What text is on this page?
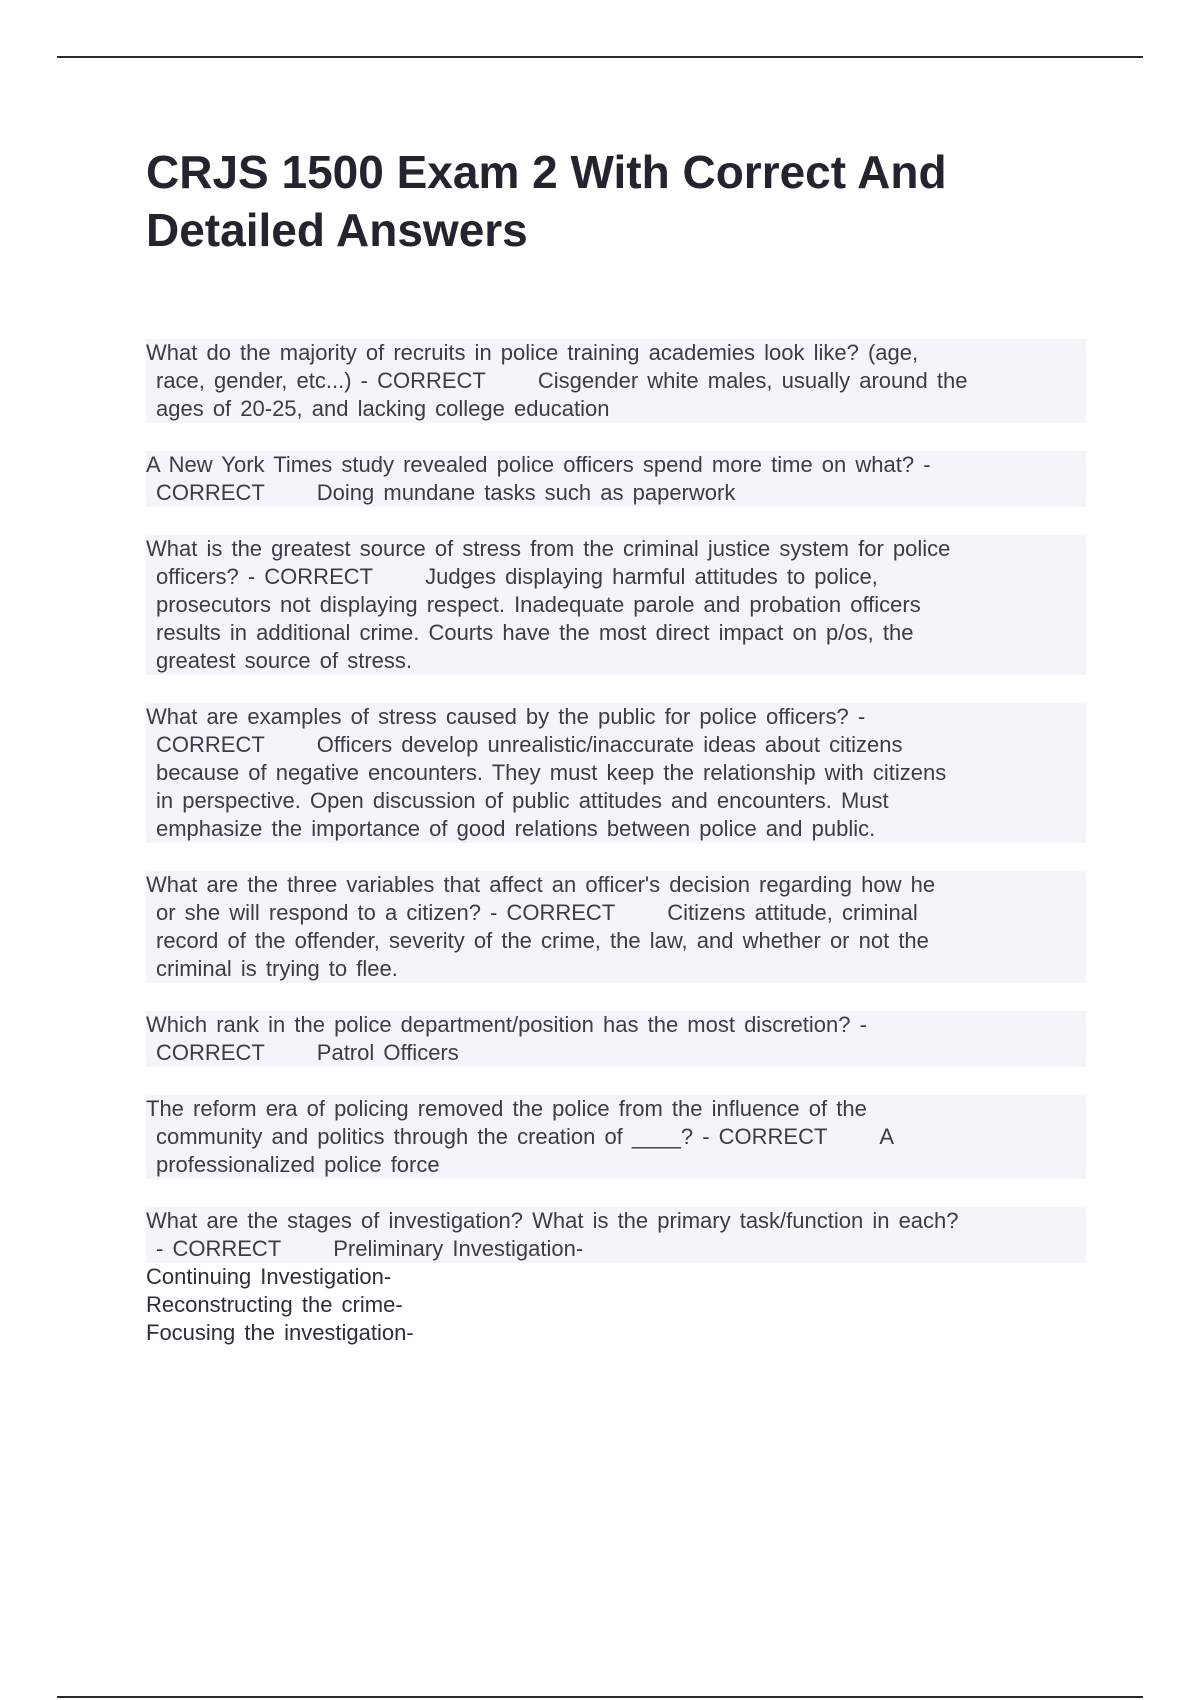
CRJS 1500 Exam 2 With Correct And Detailed Answers

What do the majority of recruits in police training academies look like? (age,
race, gender, etc...) - CORRECT Cisgender white males, usually around the
ages of 20-25, and lacking college education

A New York Times study revealed police officers spend more time on what? -
CORRECT Doing mundane tasks such as paperwork

What is the greatest source of stress from the criminal justice system for police
officers? - CORRECT Judges displaying harmful attitudes to police,
prosecutors not displaying respect. Inadequate parole and probation officers
results in additional crime. Courts have the most direct impact on p/os, the
greatest source of stress.

What are examples of stress caused by the public for police officers? -
CORRECT Officers develop unrealistic/inaccurate ideas about citizens
because of negative encounters. They must keep the relationship with citizens
in perspective. Open discussion of public attitudes and encounters. Must
emphasize the importance of good relations between police and public.

What are the three variables that affect an officer's decision regarding how he
or she will respond to a citizen? - CORRECT Citizens attitude, criminal
record of the offender, severity of the crime, the law, and whether or not the
criminal is trying to flee.

Which rank in the police department/position has the most discretion? -
CORRECT Patrol Officers

The reform era of policing removed the police from the influence of the
community and politics through the creation of ____? - CORRECT A
professionalized police force

What are the stages of investigation? What is the primary task/function in each?
- CORRECT Preliminary Investigation-
Continuing Investigation-
Reconstructing the crime-
Focusing the investigation-
